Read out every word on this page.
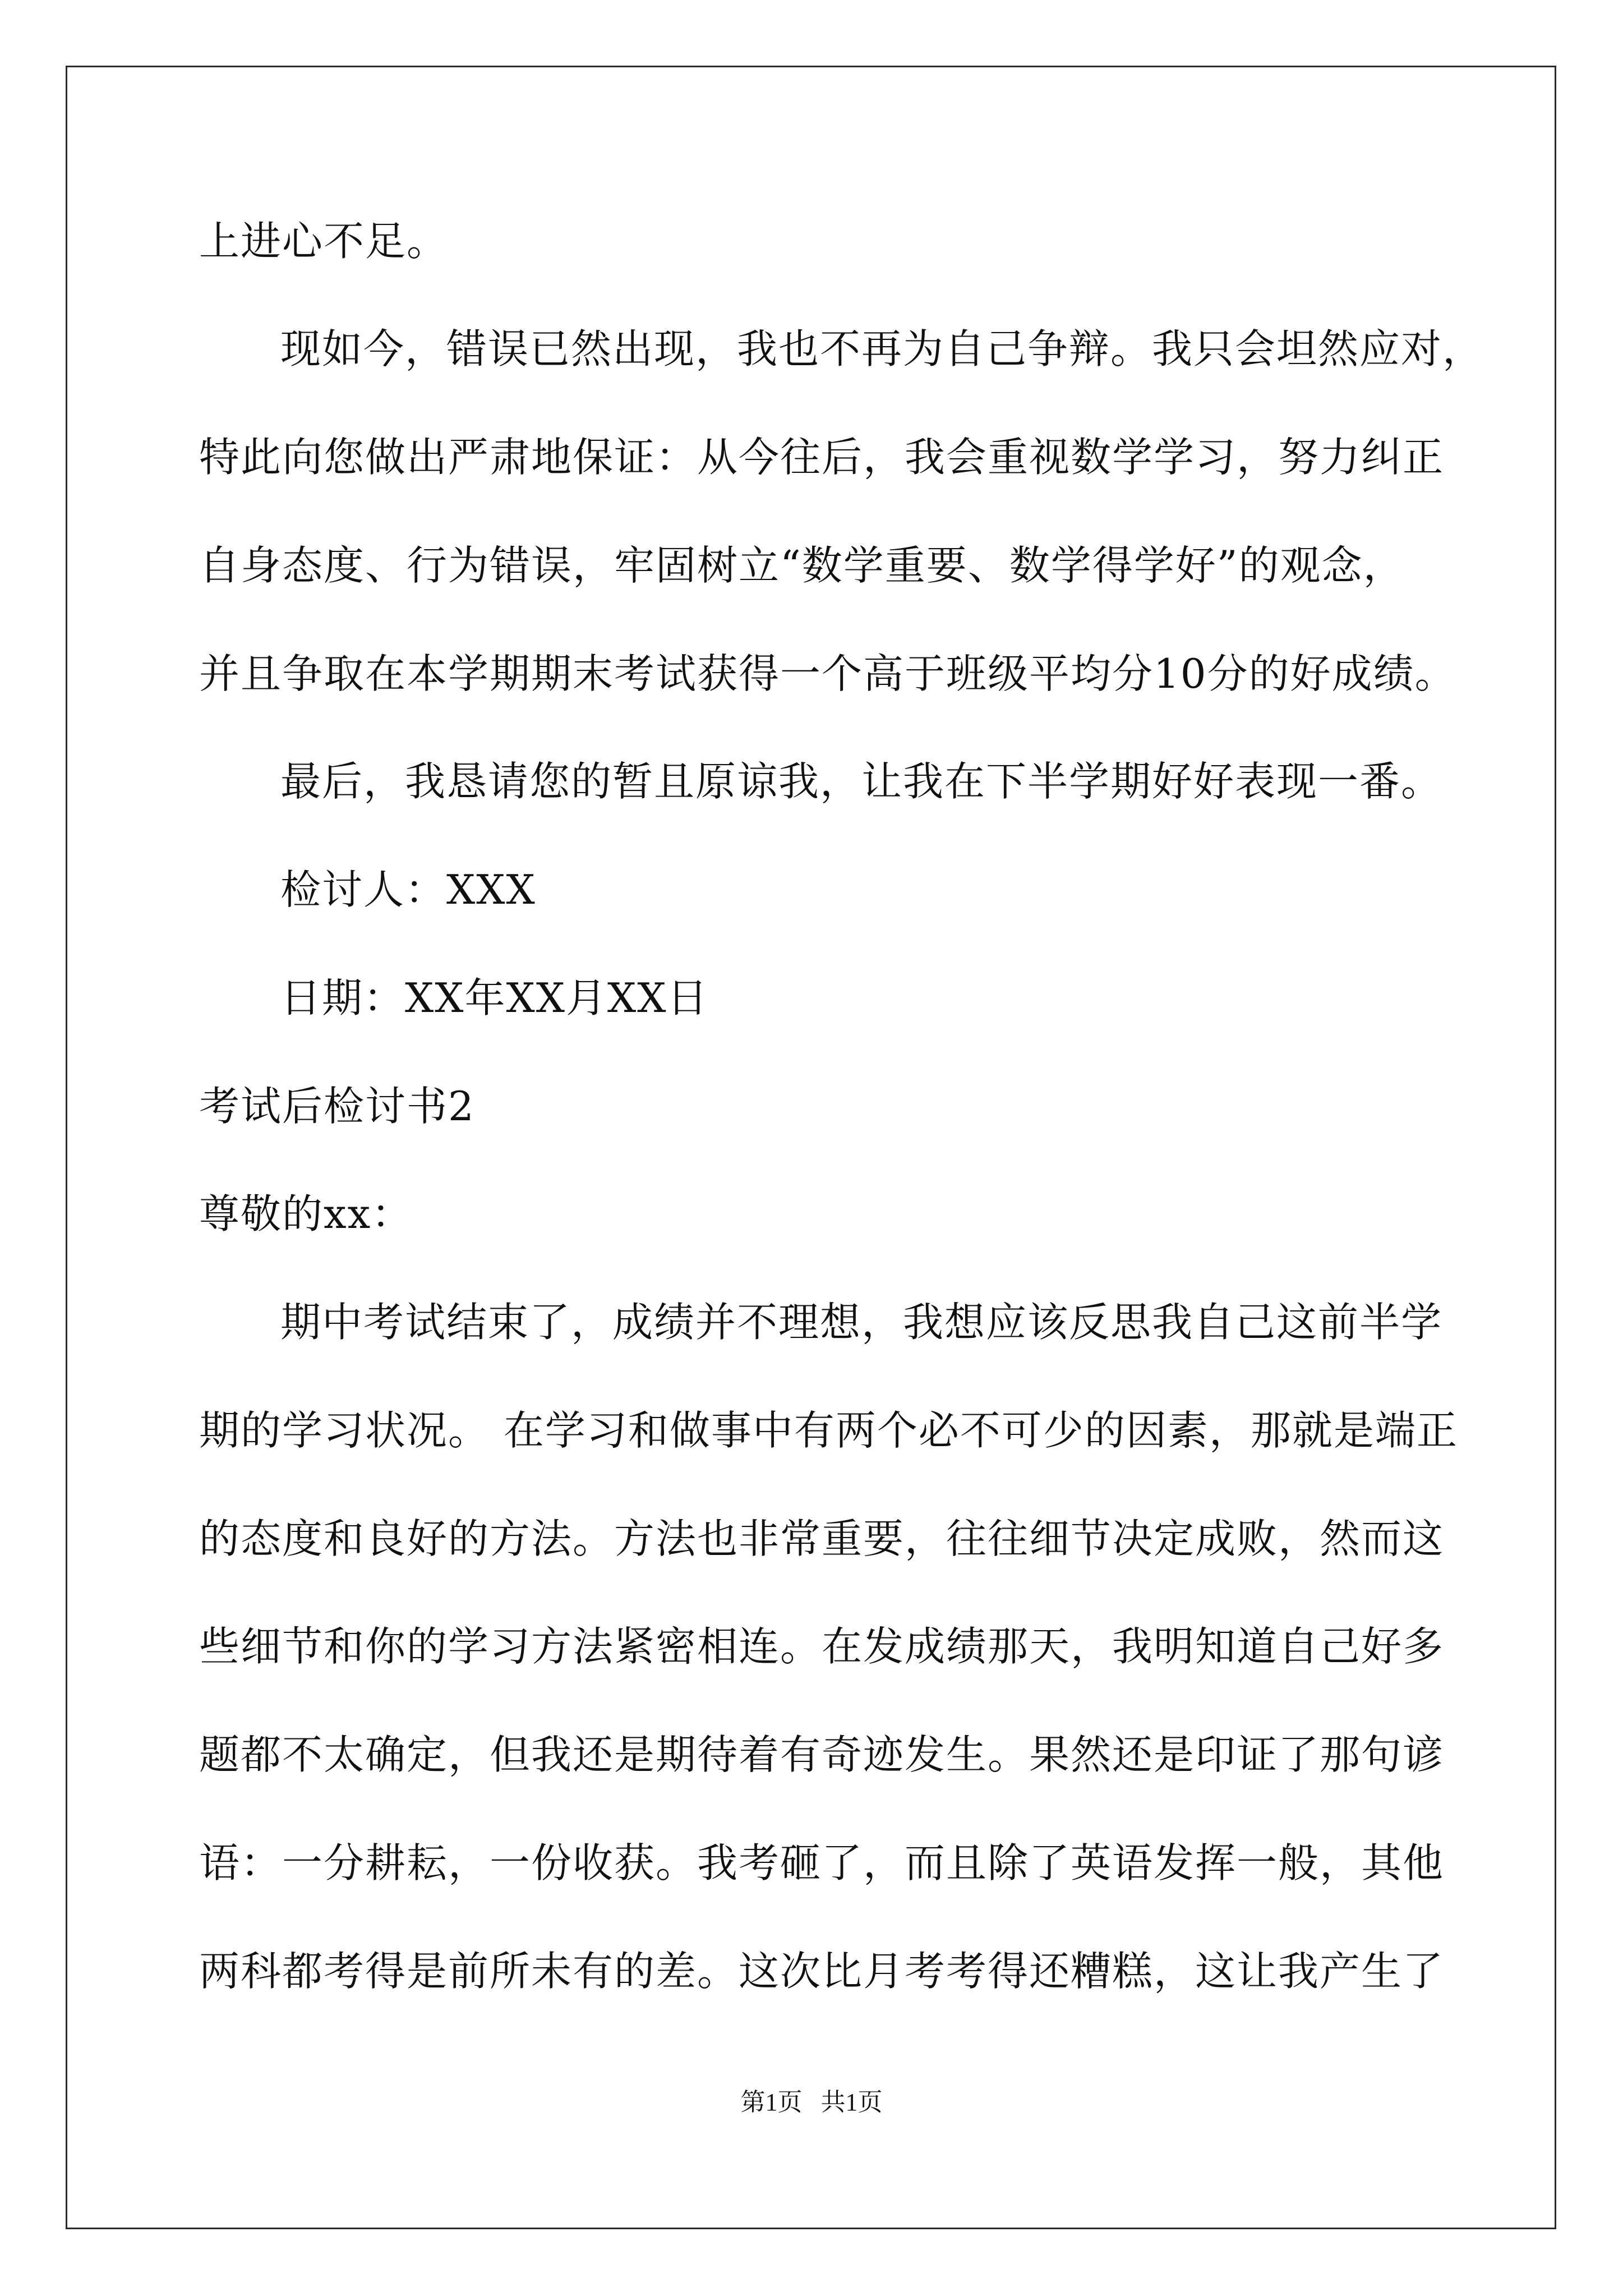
上进心不足。
现如今，错误已然出现，我也不再为自己争辩。我只会坦然应对，
特此向您做出严肃地保证：从今往后，我会重视数学学习，努力纠正
自身态度、行为错误，牢固树立“数学重要、数学得学好”的观念，
并且争取在本学期期末考试获得一个高于班级平均分10分的好成绩。
最后，我恳请您的暂且原谅我，让我在下半学期好好表现一番。
检讨人：XXX
日期：XX年XX月XX日
考试后检讨书2
尊敬的xx：
期中考试结束了，成绩并不理想，我想应该反思我自己这前半学
期的学习状况。 在学习和做事中有两个必不可少的因素，那就是端正
的态度和良好的方法。方法也非常重要，往往细节决定成败，然而这
些细节和你的学习方法紧密相连。在发成绩那天，我明知道自己好多
题都不太确定，但我还是期待着有奇迹发生。果然还是印证了那句谚
语：一分耕耘，一份收获。我考砸了，而且除了英语发挥一般，其他
两科都考得是前所未有的差。这次比月考考得还糟糕，这让我产生了
第1页   共1页
